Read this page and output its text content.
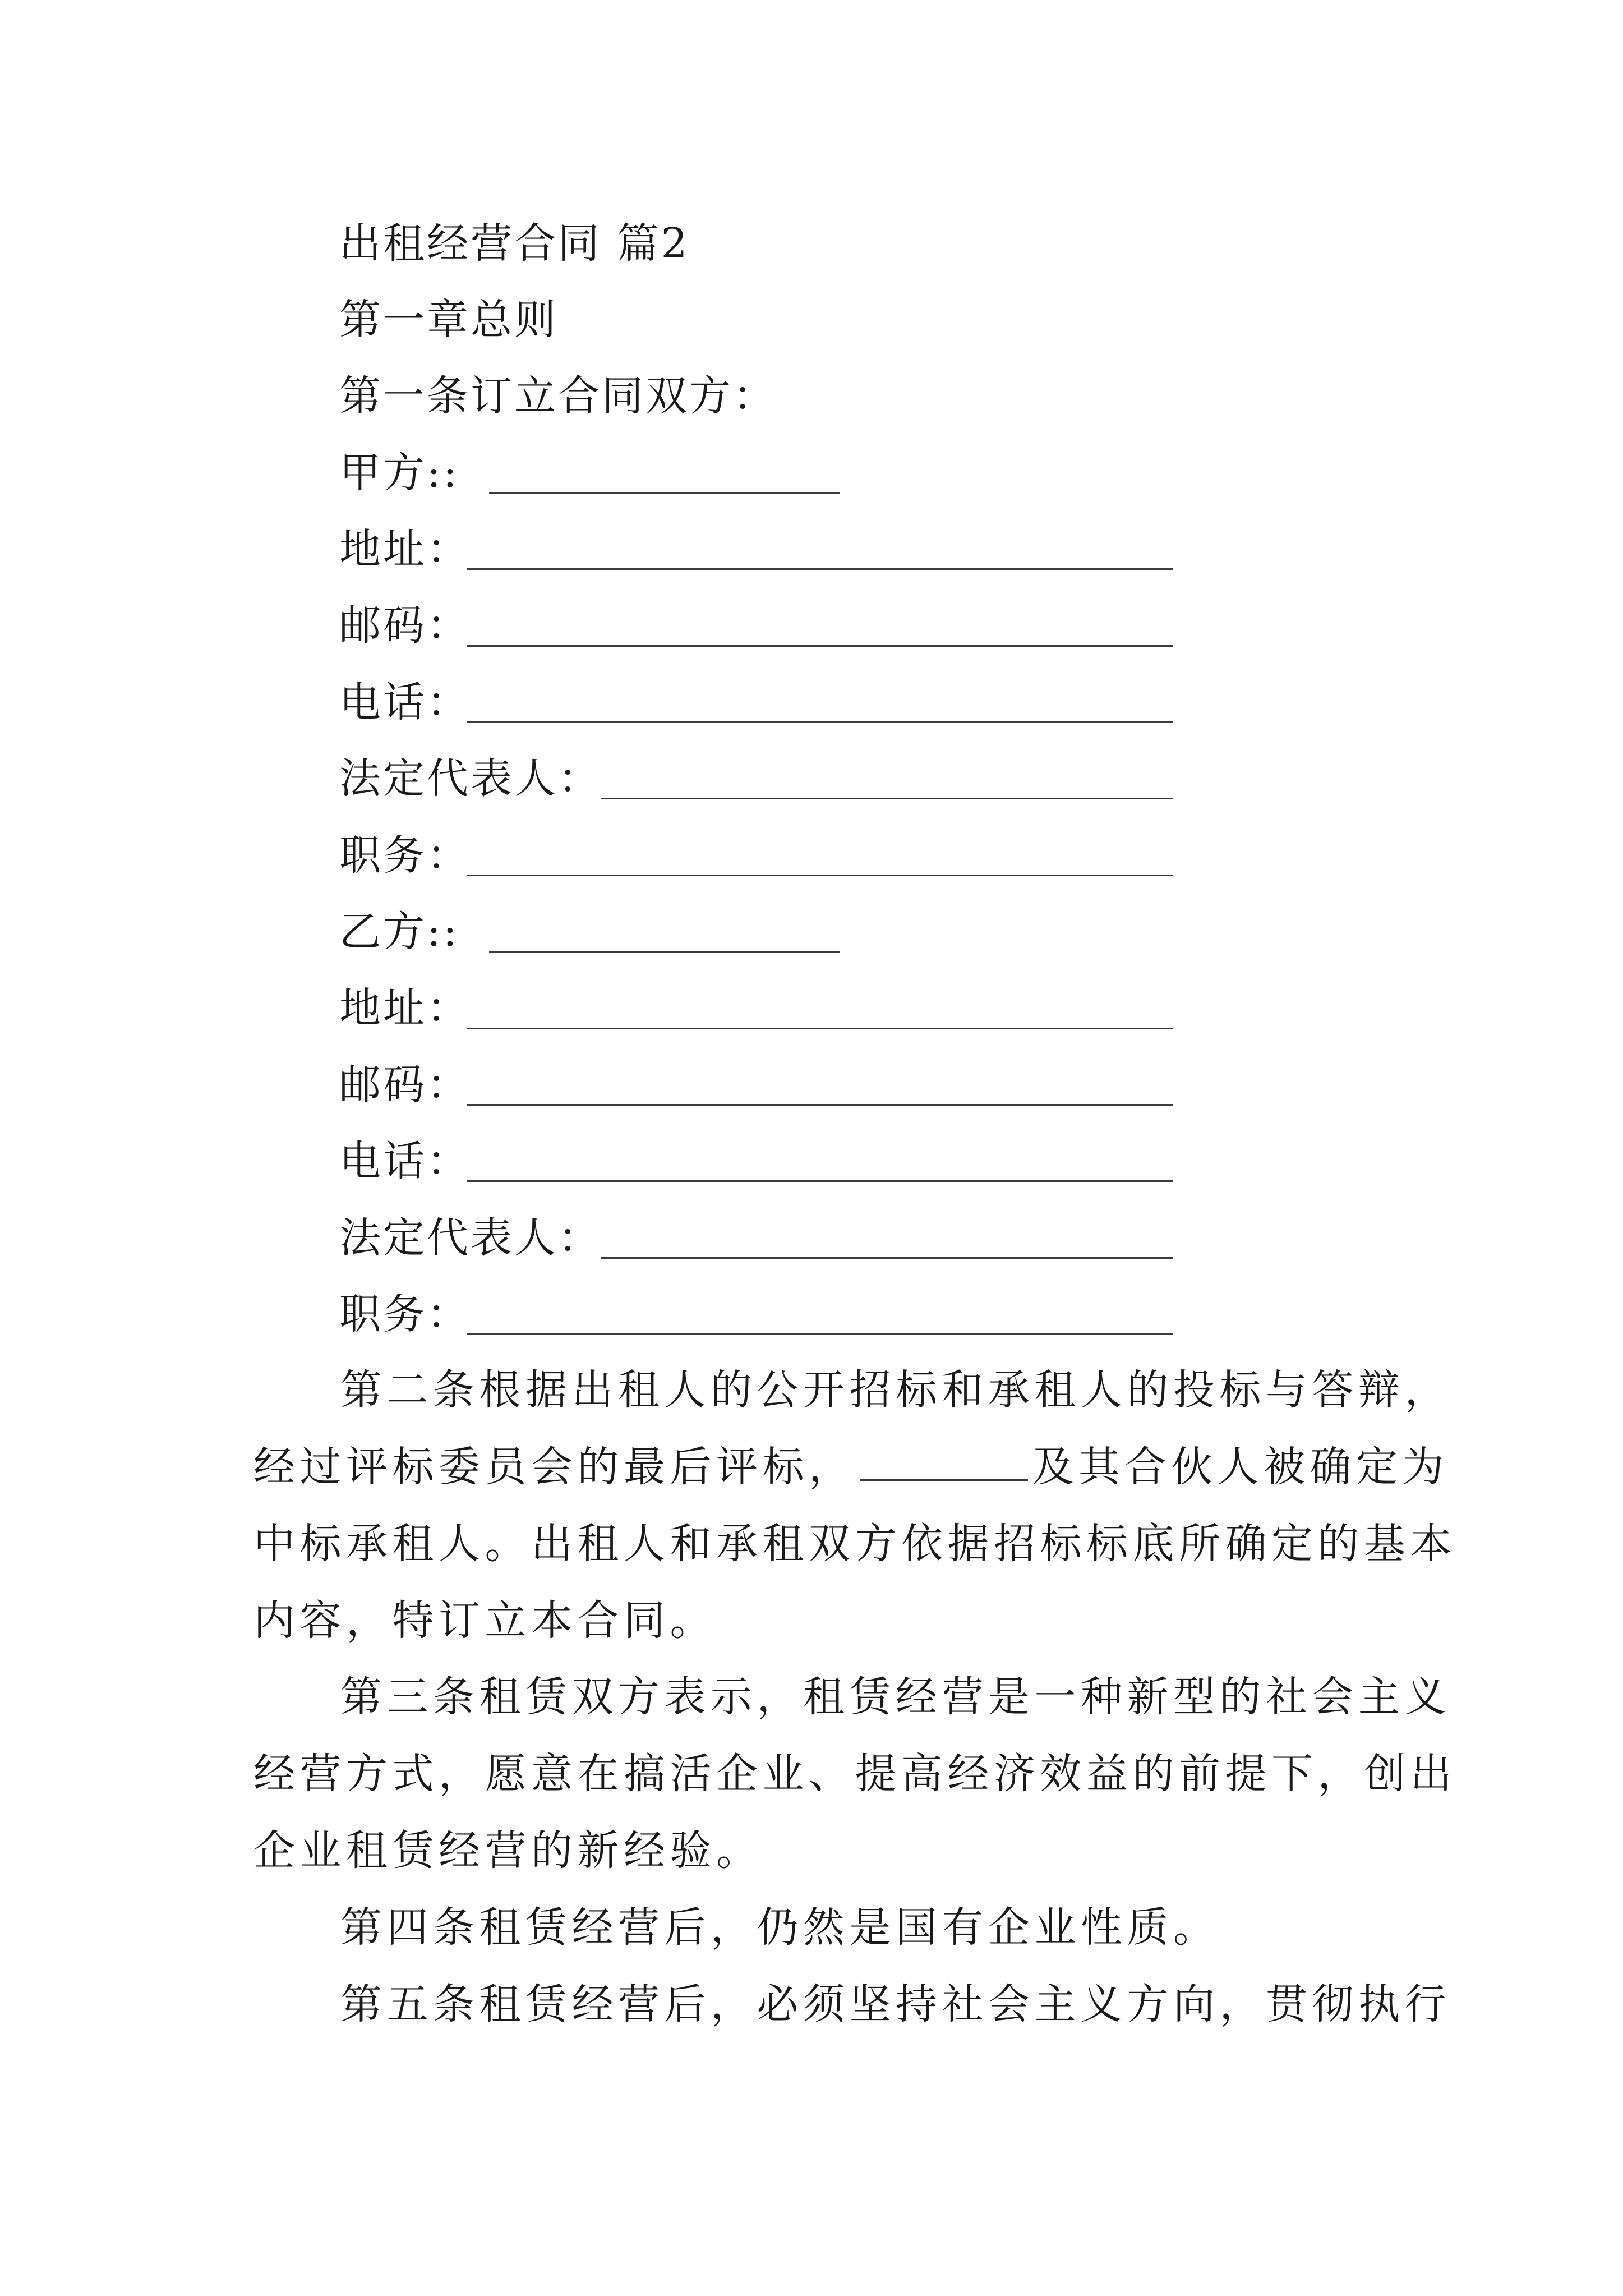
出租经营合同 篇2
第一章总则
第一条订立合同双方：
甲方::
地址：
邮码：
电话：
法定代表人：
职务：
乙方::
地址：
邮码：
电话：
法定代表人：
职务：

第二条根据出租人的公开招标和承租人的投标与答辩，

经过评标委员会的最后评标，	及其合伙人被确定为

中标承租人。出租人和承租双方依据招标标底所确定的基本

内容，特订立本合同。

第三条租赁双方表示，租赁经营是一种新型的社会主义

经营方式，愿意在搞活企业、提高经济效益的前提下，创出

企业租赁经营的新经验。

第四条租赁经营后，仍然是国有企业性质。

第五条租赁经营后，必须坚持社会主义方向，贯彻执行
